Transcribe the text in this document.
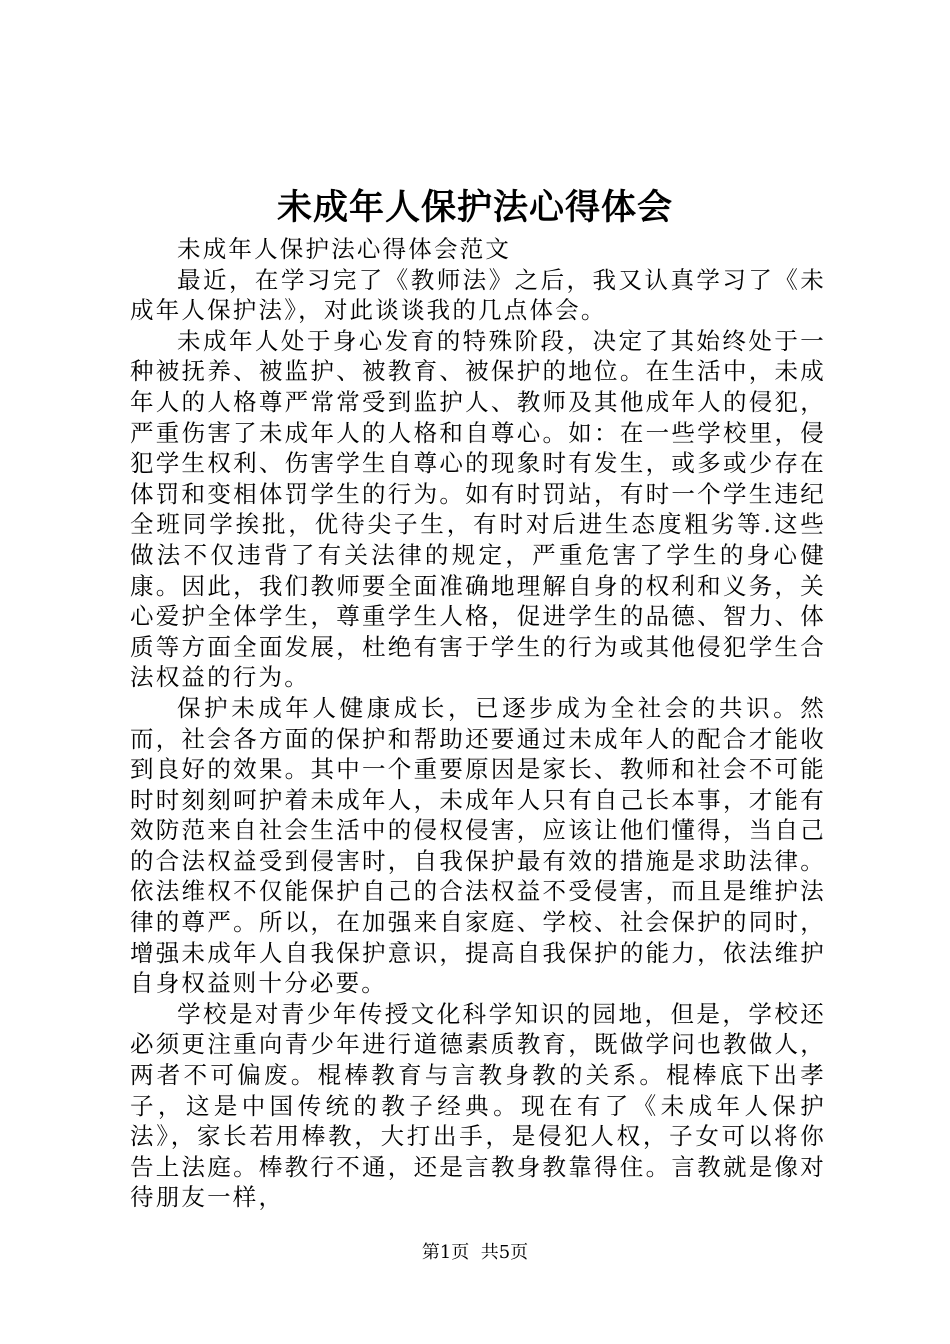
未成年人保护法心得体会

未成年人保护法心得体会范文

最近，在学习完了《教师法》之后，我又认真学习了《未成年人保护法》，对此谈谈我的几点体会。

未成年人处于身心发育的特殊阶段，决定了其始终处于一种被抚养、被监护、被教育、被保护的地位。在生活中，未成年人的人格尊严常常受到监护人、教师及其他成年人的侵犯，严重伤害了未成年人的人格和自尊心。如：在一些学校里，侵犯学生权利、伤害学生自尊心的现象时有发生，或多或少存在体罚和变相体罚学生的行为。如有时罚站，有时一个学生违纪全班同学挨批，优待尖子生，有时对后进生态度粗劣等.这些做法不仅违背了有关法律的规定，严重危害了学生的身心健康。因此，我们教师要全面准确地理解自身的权利和义务，关心爱护全体学生，尊重学生人格，促进学生的品德、智力、体质等方面全面发展，杜绝有害于学生的行为或其他侵犯学生合法权益的行为。

保护未成年人健康成长，已逐步成为全社会的共识。然而，社会各方面的保护和帮助还要通过未成年人的配合才能收到良好的效果。其中一个重要原因是家长、教师和社会不可能时时刻刻呵护着未成年人，未成年人只有自己长本事，才能有效防范来自社会生活中的侵权侵害，应该让他们懂得，当自己的合法权益受到侵害时，自我保护最有效的措施是求助法律。依法维权不仅能保护自己的合法权益不受侵害，而且是维护法律的尊严。所以，在加强来自家庭、学校、社会保护的同时，增强未成年人自我保护意识，提高自我保护的能力，依法维护自身权益则十分必要。

学校是对青少年传授文化科学知识的园地，但是，学校还必须更注重向青少年进行道德素质教育，既做学问也教做人，两者不可偏废。棍棒教育与言教身教的关系。棍棒底下出孝子，这是中国传统的教子经典。现在有了《未成年人保护法》，家长若用棒教，大打出手，是侵犯人权，子女可以将你告上法庭。棒教行不通，还是言教身教靠得住。言教就是像对待朋友一样，

第1页 共5页
